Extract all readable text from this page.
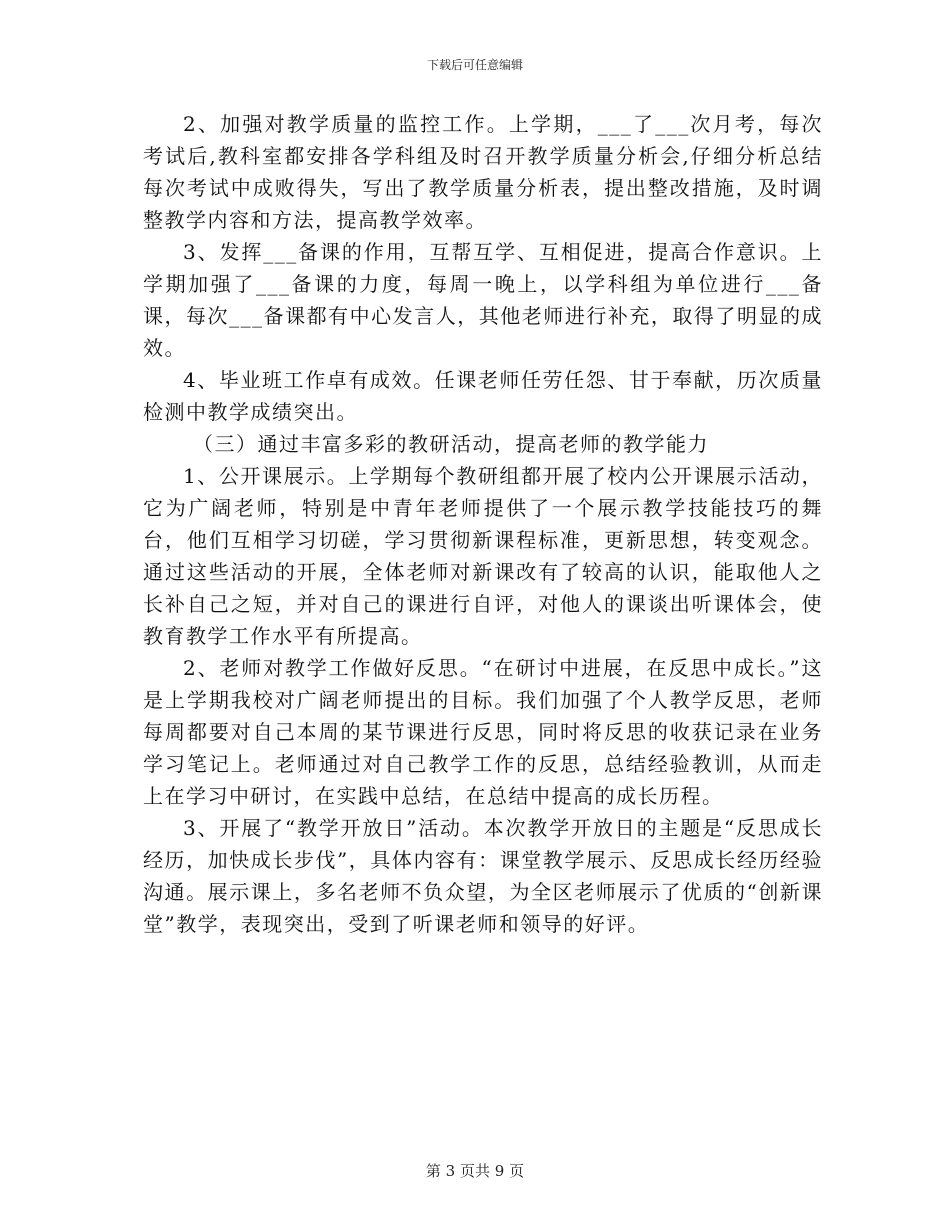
下载后可任意编辑

2、加强对教学质量的监控工作。上学期，___了___次月考，每次考试后,教科室都安排各学科组及时召开教学质量分析会,仔细分析总结每次考试中成败得失，写出了教学质量分析表，提出整改措施，及时调整教学内容和方法，提高教学效率。

3、发挥___备课的作用，互帮互学、互相促进，提高合作意识。上学期加强了___备课的力度，每周一晚上，以学科组为单位进行___备课，每次___备课都有中心发言人，其他老师进行补充，取得了明显的成效。

4、毕业班工作卓有成效。任课老师任劳任怨、甘于奉献，历次质量检测中教学成绩突出。

（三）通过丰富多彩的教研活动，提高老师的教学能力

1、公开课展示。上学期每个教研组都开展了校内公开课展示活动，它为广阔老师，特别是中青年老师提供了一个展示教学技能技巧的舞台，他们互相学习切磋，学习贯彻新课程标准，更新思想，转变观念。通过这些活动的开展，全体老师对新课改有了较高的认识，能取他人之长补自己之短，并对自己的课进行自评，对他人的课谈出听课体会，使教育教学工作水平有所提高。

2、老师对教学工作做好反思。“在研讨中进展，在反思中成长。”这是上学期我校对广阔老师提出的目标。我们加强了个人教学反思，老师每周都要对自己本周的某节课进行反思，同时将反思的收获记录在业务学习笔记上。老师通过对自己教学工作的反思，总结经验教训，从而走上在学习中研讨，在实践中总结，在总结中提高的成长历程。

3、开展了“教学开放日”活动。本次教学开放日的主题是“反思成长经历，加快成长步伐”，具体内容有：课堂教学展示、反思成长经历经验沟通。展示课上，多名老师不负众望，为全区老师展示了优质的“创新课堂”教学，表现突出，受到了听课老师和领导的好评。

第 3 页共 9 页
